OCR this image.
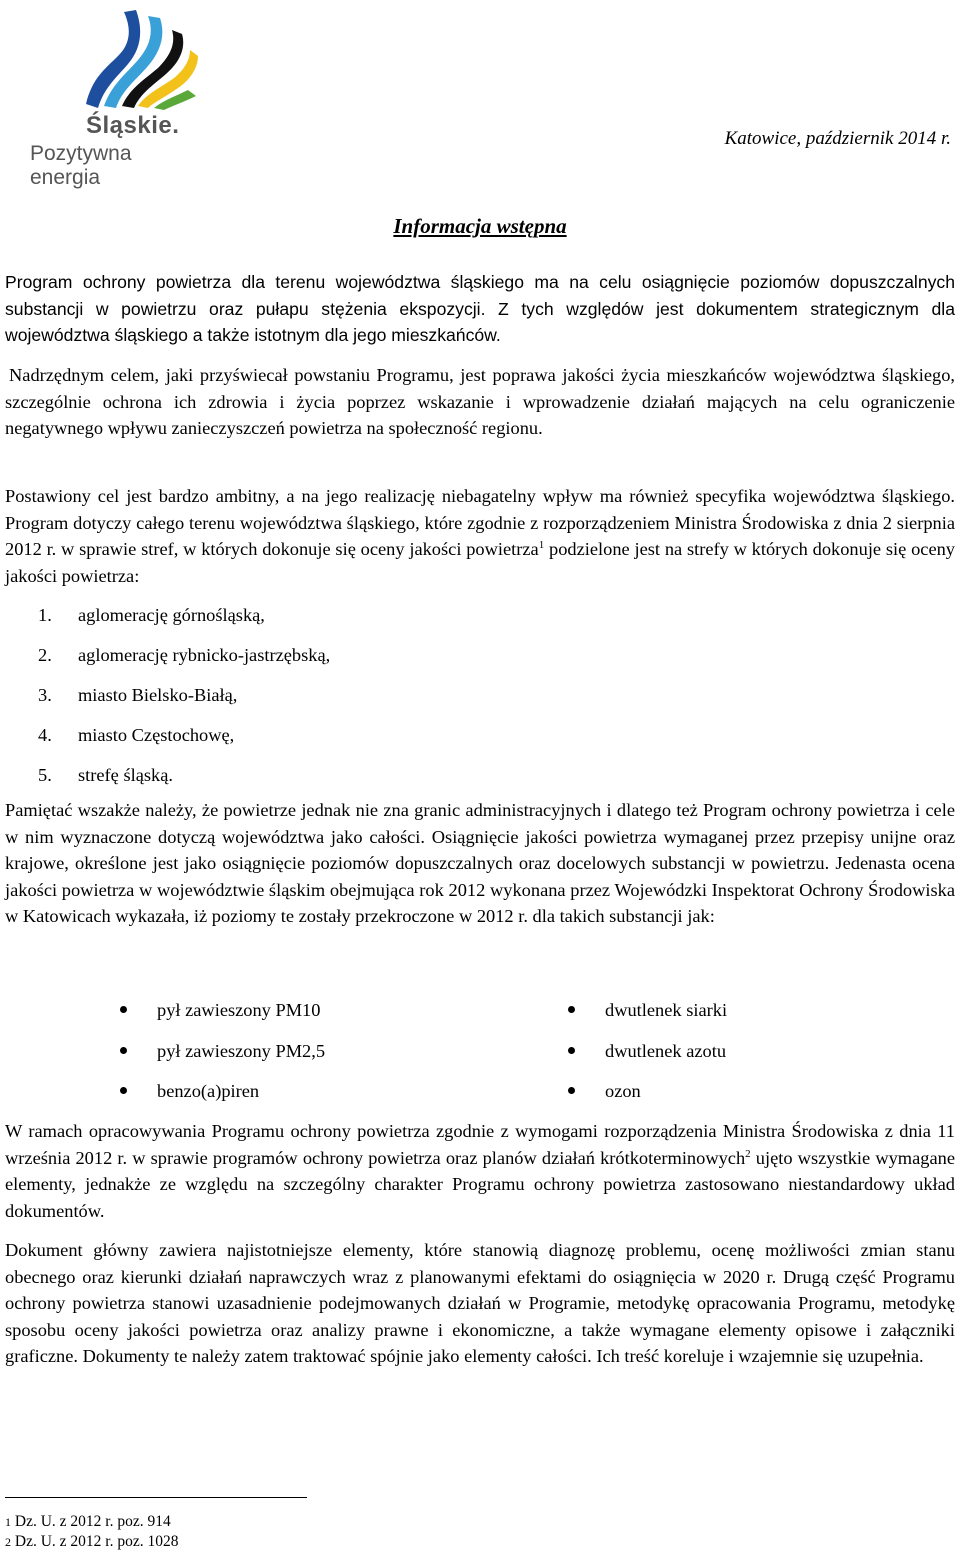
Śląskie.
Pozytywna energia
Katowice, październik 2014 r.
Informacja wstępna
Program ochrony powietrza dla terenu województwa śląskiego ma na celu osiągnięcie poziomów dopuszczalnych substancji w powietrzu oraz pułapu stężenia ekspozycji. Z tych względów jest dokumentem strategicznym dla województwa śląskiego a także istotnym dla jego mieszkańców.
Nadrzędnym celem, jaki przyświecał powstaniu Programu, jest poprawa jakości życia mieszkańców województwa śląskiego, szczególnie ochrona ich zdrowia i życia poprzez wskazanie i wprowadzenie działań mających na celu ograniczenie negatywnego wpływu zanieczyszczeń powietrza na społeczność regionu.
Postawiony cel jest bardzo ambitny, a na jego realizację niebagatelny wpływ ma również specyfika województwa śląskiego. Program dotyczy całego terenu województwa śląskiego, które zgodnie z rozporządzeniem Ministra Środowiska z dnia 2 sierpnia 2012 r. w sprawie stref, w których dokonuje się oceny jakości powietrza$^1$ podzielone jest na strefy w których dokonuje się oceny jakości powietrza:
1. aglomerację górnośląską,
2. aglomerację rybnicko-jastrzębską,
3. miasto Bielsko-Białą,
4. miasto Częstochowę,
5. strefę śląską.
Pamiętać wszakże należy, że powietrze jednak nie zna granic administracyjnych i dlatego też Program ochrony powietrza i cele w nim wyznaczone dotyczą województwa jako całości. Osiągnięcie jakości powietrza wymaganej przez przepisy unijne oraz krajowe, określone jest jako osiągnięcie poziomów dopuszczalnych oraz docelowych substancji w powietrzu. Jedenasta ocena jakości powietrza w województwie śląskim obejmująca rok 2012 wykonana przez Wojewódzki Inspektorat Ochrony Środowiska w Katowicach wykazała, iż poziomy te zostały przekroczone w 2012 r. dla takich substancji jak:
pył zawieszony PM10
pył zawieszony PM2,5
benzo(a)piren
dwutlenek siarki
dwutlenek azotu
ozon
W ramach opracowywania Programu ochrony powietrza zgodnie z wymogami rozporządzenia Ministra Środowiska z dnia 11 września 2012 r. w sprawie programów ochrony powietrza oraz planów działań krótkoterminowych$^2$ ujęto wszystkie wymagane elementy, jednakże ze względu na szczególny charakter Programu ochrony powietrza zastosowano niestandardowy układ dokumentów.
Dokument główny zawiera najistotniejsze elementy, które stanowią diagnozę problemu, ocenę możliwości zmian stanu obecnego oraz kierunki działań naprawczych wraz z planowanymi efektami do osiągnięcia w 2020 r. Drugą część Programu ochrony powietrza stanowi uzasadnienie podejmowanych działań w Programie, metodykę opracowania Programu, metodykę sposobu oceny jakości powietrza oraz analizy prawne i ekonomiczne, a także wymagane elementy opisowe i załączniki graficzne. Dokumenty te należy zatem traktować spójnie jako elementy całości. Ich treść koreluje i wzajemnie się uzupełnia.
1 Dz. U. z 2012 r. poz. 914
2 Dz. U. z 2012 r. poz. 1028
